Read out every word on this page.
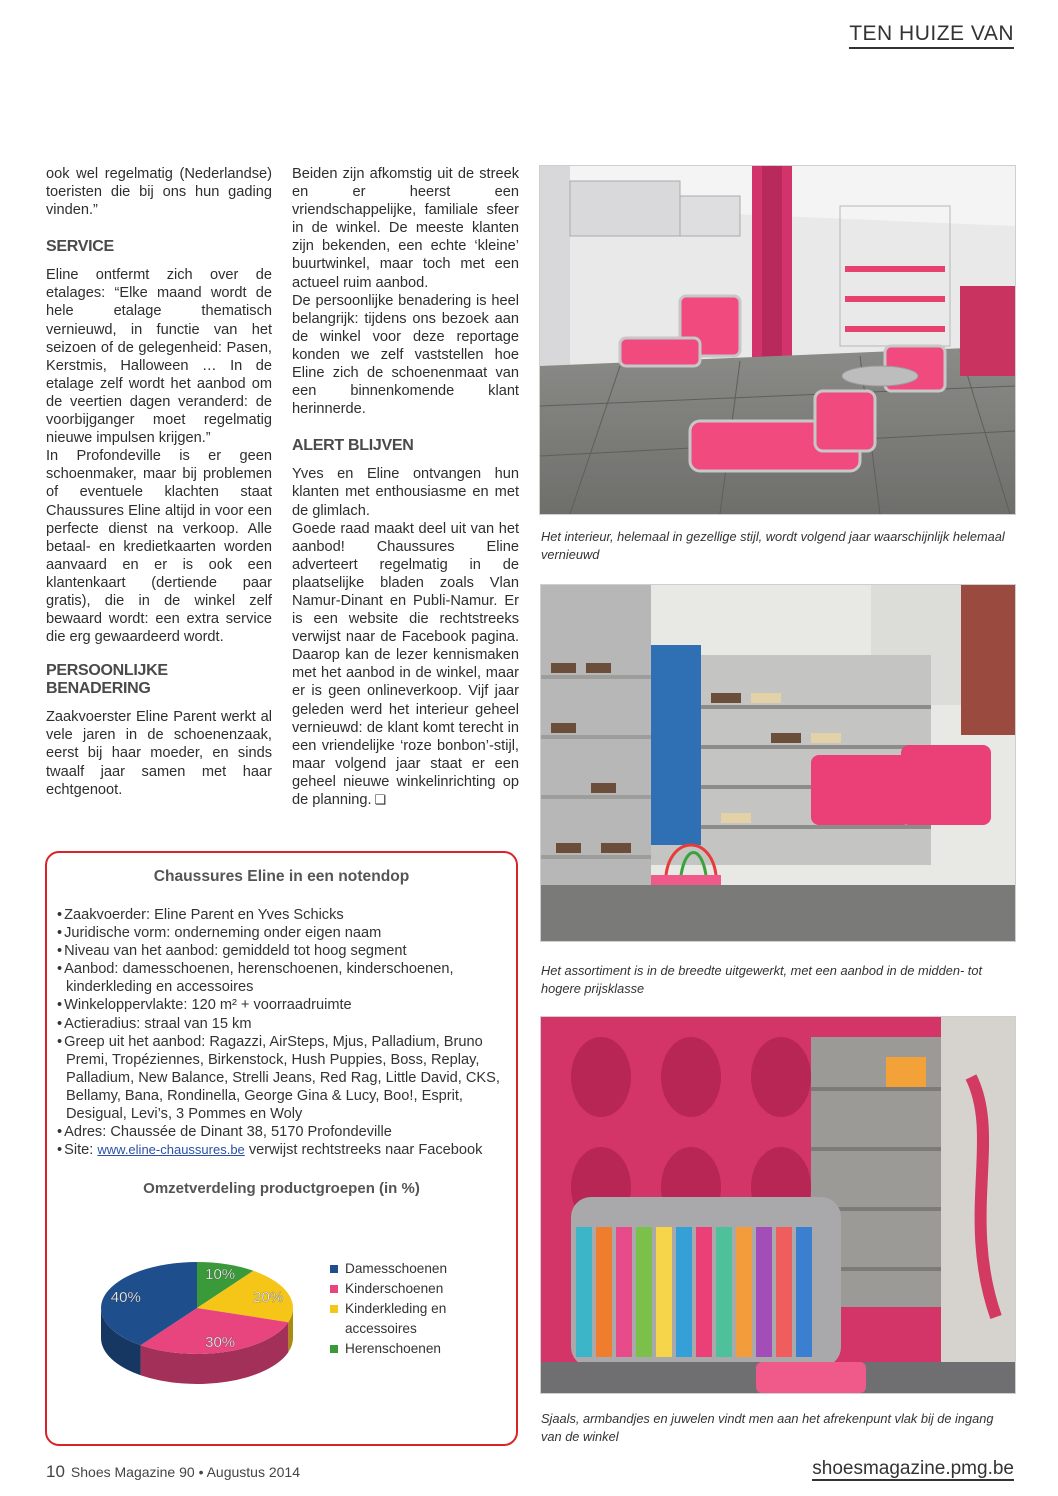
TEN HUIZE VAN

ook wel regelmatig (Nederlandse) toeristen die bij ons hun gading vinden.”

SERVICE

Eline ontfermt zich over de etalages: “Elke maand wordt de hele etalage thematisch vernieuwd, in functie van het seizoen of de gelegenheid: Pasen, Kerstmis, Halloween … In de etalage zelf wordt het aanbod om de veertien dagen veranderd: de voorbijganger moet regelmatig nieuwe impulsen krijgen.”

In Profondeville is er geen schoenmaker, maar bij problemen of eventuele klachten staat Chaussures Eline altijd in voor een perfecte dienst na verkoop. Alle betaal- en kredietkaarten worden aanvaard en er is ook een klantenkaart (dertiende paar gratis), die in de winkel zelf bewaard wordt: een extra service die erg gewaardeerd wordt.

PERSOONLIJKE BENADERING

Zaakvoerster Eline Parent werkt al vele jaren in de schoenenzaak, eerst bij haar moeder, en sinds twaalf jaar samen met haar echtgenoot.

Beiden zijn afkomstig uit de streek en er heerst een vriendschappelijke, familiale sfeer in de winkel. De meeste klanten zijn bekenden, een echte ‘kleine’ buurtwinkel, maar toch met een actueel ruim aanbod.

De persoonlijke benadering is heel belangrijk: tijdens ons bezoek aan de winkel voor deze reportage konden we zelf vaststellen hoe Eline zich de schoenenmaat van een binnenkomende klant herinnerde.

ALERT BLIJVEN

Yves en Eline ontvangen hun klanten met enthousiasme en met de glimlach.

Goede raad maakt deel uit van het aanbod! Chaussures Eline adverteert regelmatig in de plaatselijke bladen zoals Vlan Namur-Dinant en Publi-Namur. Er is een website die rechtstreeks verwijst naar de Facebook pagina. Daarop kan de lezer kennismaken met het aanbod in de winkel, maar er is geen onlineverkoop. Vijf jaar geleden werd het interieur geheel vernieuwd: de klant komt terecht in een vriendelijke ‘roze bonbon’-stijl, maar volgend jaar staat er een geheel nieuwe winkelinrichting op de planning. ❏

Het interieur, helemaal in gezellige stijl, wordt volgend jaar waarschijnlijk helemaal vernieuwd
Het assortiment is in de breedte uitgewerkt, met een aanbod in de midden- tot hogere prijsklasse
Sjaals, armbandjes en juwelen vindt men aan het afrekenpunt vlak bij de ingang van de winkel
Chaussures Eline in een notendop
• Zaakvoerder: Eline Parent en Yves Schicks
• Juridische vorm: onderneming onder eigen naam
• Niveau van het aanbod: gemiddeld tot hoog segment
• Aanbod: damesschoenen, herenschoenen, kinderschoenen, kinderkleding en accessoires
• Winkeloppervlakte: 120 m² + voorraadruimte
• Actieradius: straal van 15 km
• Greep uit het aanbod: Ragazzi, AirSteps, Mjus, Palladium, Bruno Premi, Tropéziennes, Birkenstock, Hush Puppies, Boss, Replay, Palladium, New Balance, Strelli Jeans, Red Rag, Little David, CKS, Bellamy, Bana, Rondinella, George Gina & Lucy, Boo!, Esprit, Desigual, Levi’s, 3 Pommes en Woly
• Adres: Chaussée de Dinant 38, 5170 Profondeville
• Site: www.eline-chaussures.be verwijst rechtstreeks naar Facebook
Omzetverdeling productgroepen (in %)
10%
20%
30%
40%
Damesschoenen
Kinderschoenen
Kinderkleding en accessoires
Herenschoenen
10 Shoes Magazine 90 • Augustus 2014	shoesmagazine.pmg.be
